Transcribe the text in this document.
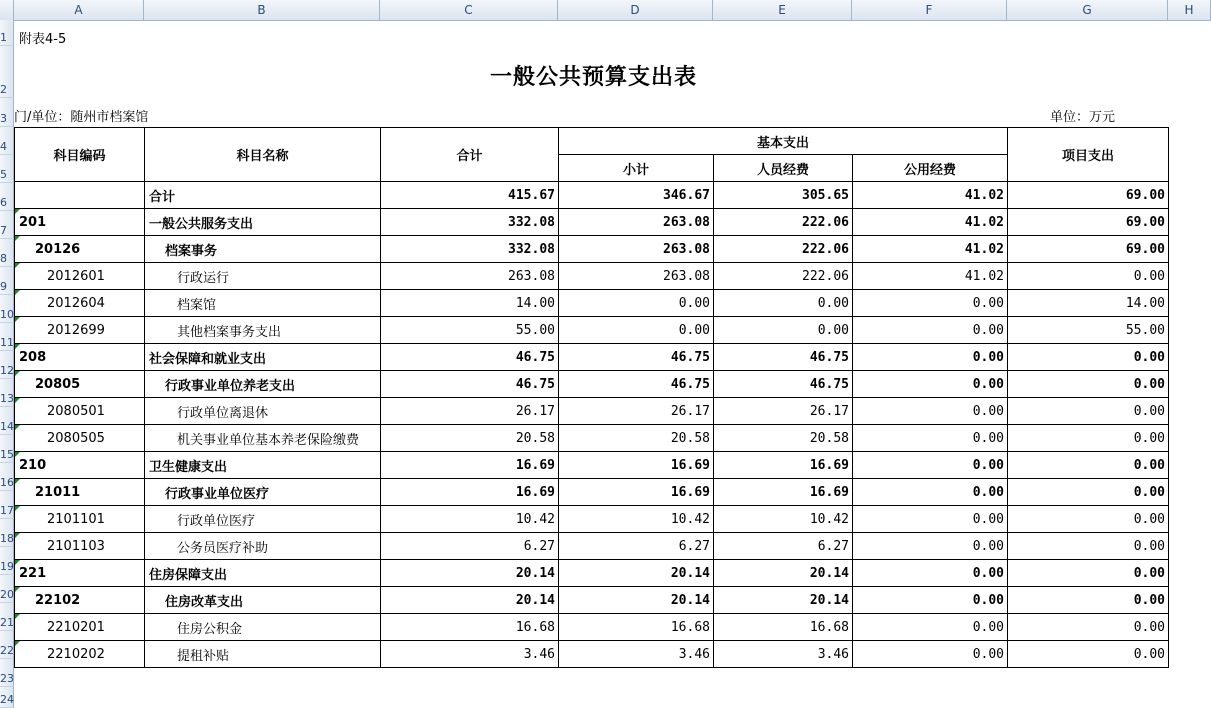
A	B	C	D	E	F	G	H
1
2
3
4
5
6
7
8
9
10
11
12
13
14
15
16
17
18
19
20
21
22
23
24
附表4-5
一般公共预算支出表
门/单位：随州市档案馆	单位：万元
科目编码	科目名称	合计	基本支出			项目支出
			小计	人员经费	公用经费	
	合计	415.67	346.67	305.65	41.02	69.00
201	一般公共服务支出	332.08	263.08	222.06	41.02	69.00
20126	档案事务	332.08	263.08	222.06	41.02	69.00
2012601	行政运行	263.08	263.08	222.06	41.02	0.00
2012604	档案馆	14.00	0.00	0.00	0.00	14.00
2012699	其他档案事务支出	55.00	0.00	0.00	0.00	55.00
208	社会保障和就业支出	46.75	46.75	46.75	0.00	0.00
20805	行政事业单位养老支出	46.75	46.75	46.75	0.00	0.00
2080501	行政单位离退休	26.17	26.17	26.17	0.00	0.00
2080505	机关事业单位基本养老保险缴费	20.58	20.58	20.58	0.00	0.00
210	卫生健康支出	16.69	16.69	16.69	0.00	0.00
21011	行政事业单位医疗	16.69	16.69	16.69	0.00	0.00
2101101	行政单位医疗	10.42	10.42	10.42	0.00	0.00
2101103	公务员医疗补助	6.27	6.27	6.27	0.00	0.00
221	住房保障支出	20.14	20.14	20.14	0.00	0.00
22102	住房改革支出	20.14	20.14	20.14	0.00	0.00
2210201	住房公积金	16.68	16.68	16.68	0.00	0.00
2210202	提租补贴	3.46	3.46	3.46	0.00	0.00
